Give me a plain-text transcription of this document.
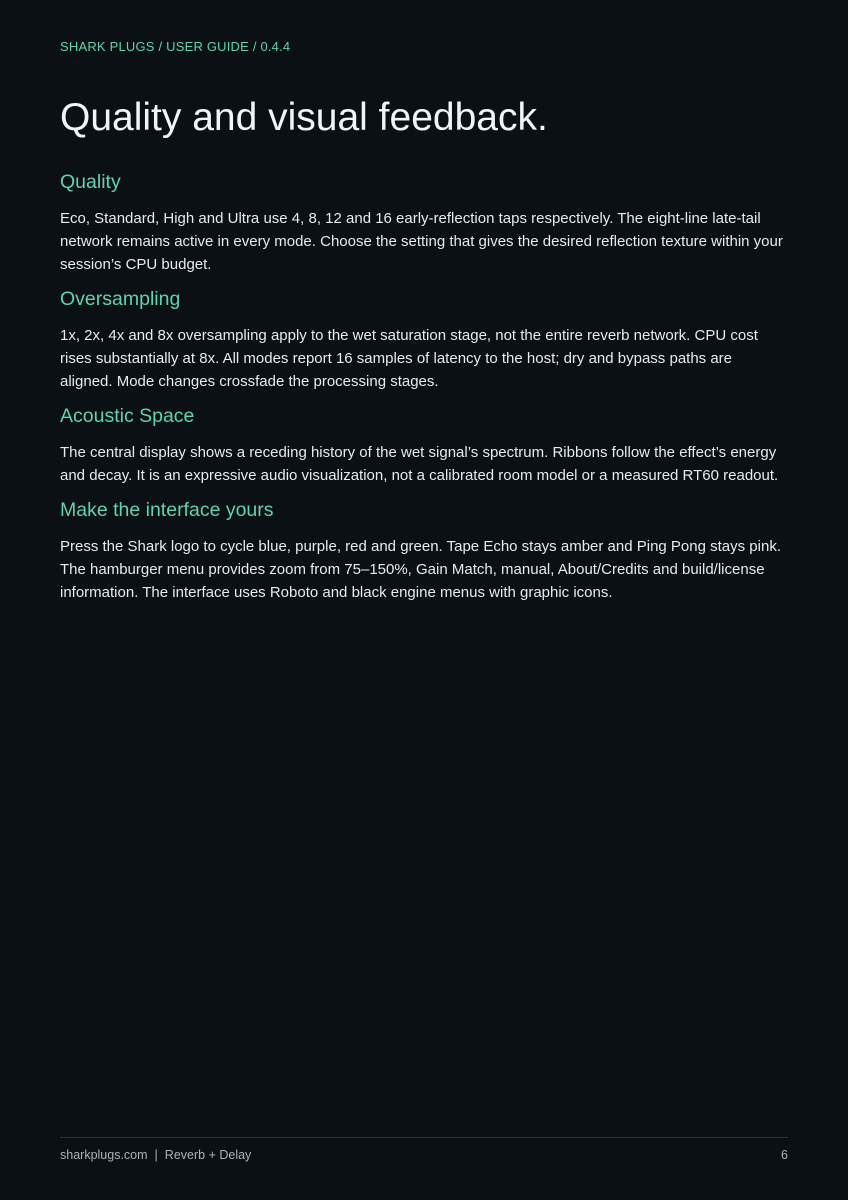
SHARK PLUGS / USER GUIDE / 0.4.4
Quality and visual feedback.
Quality

Eco, Standard, High and Ultra use 4, 8, 12 and 16 early-reflection taps respectively. The eight-line late-tail network remains active in every mode. Choose the setting that gives the desired reflection texture within your session’s CPU budget.

Oversampling

1x, 2x, 4x and 8x oversampling apply to the wet saturation stage, not the entire reverb network. CPU cost rises substantially at 8x. All modes report 16 samples of latency to the host; dry and bypass paths are aligned. Mode changes crossfade the processing stages.

Acoustic Space

The central display shows a receding history of the wet signal’s spectrum. Ribbons follow the effect’s energy and decay. It is an expressive audio visualization, not a calibrated room model or a measured RT60 readout.

Make the interface yours

Press the Shark logo to cycle blue, purple, red and green. Tape Echo stays amber and Ping Pong stays pink. The hamburger menu provides zoom from 75–150%, Gain Match, manual, About/Credits and build/license information. The interface uses Roboto and black engine menus with graphic icons.

sharkplugs.com | Reverb + Delay	6
